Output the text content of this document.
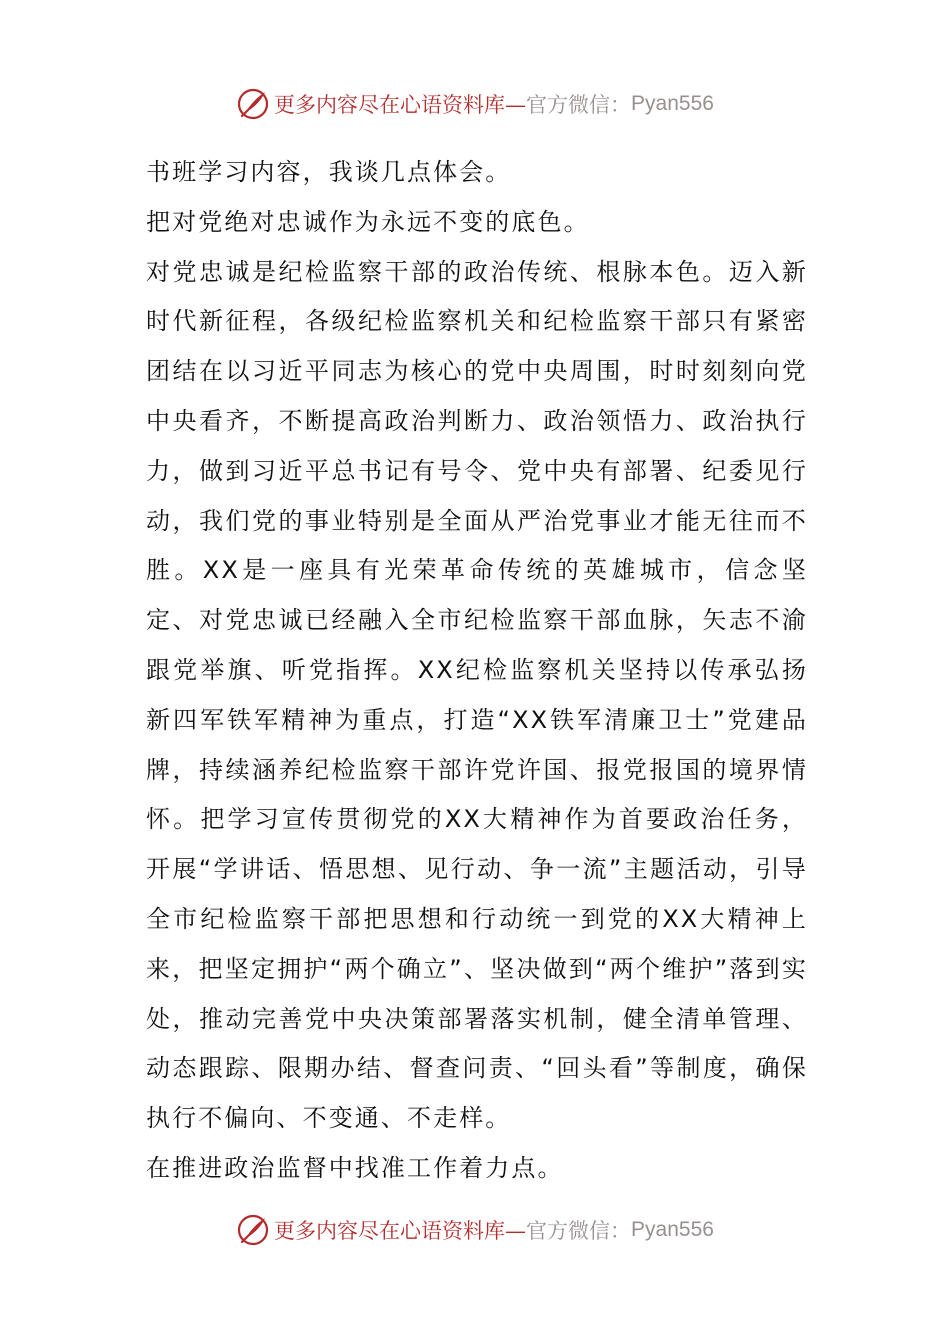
更多内容尽在心语资料库— 官方微信： Pyan556

书班学习内容，我谈几点体会。

把对党绝对忠诚作为永远不变的底色。

对党忠诚是纪检监察干部的政治传统、根脉本色。迈入新时代新征程，各级纪检监察机关和纪检监察干部只有紧密团结在以习近平同志为核心的党中央周围，时时刻刻向党中央看齐，不断提高政治判断力、政治领悟力、政治执行力，做到习近平总书记有号令、党中央有部署、纪委见行动，我们党的事业特别是全面从严治党事业才能无往而不胜。XX是一座具有光荣革命传统的英雄城市，信念坚定、对党忠诚已经融入全市纪检监察干部血脉，矢志不渝跟党举旗、听党指挥。XX纪检监察机关坚持以传承弘扬新四军铁军精神为重点，打造“XX铁军清廉卫士”党建品牌，持续涵养纪检监察干部许党许国、报党报国的境界情怀。把学习宣传贯彻党的XX大精神作为首要政治任务，开展“学讲话、悟思想、见行动、争一流”主题活动，引导全市纪检监察干部把思想和行动统一到党的XX大精神上来，把坚定拥护“两个确立”、坚决做到“两个维护”落到实处，推动完善党中央决策部署落实机制，健全清单管理、动态跟踪、限期办结、督查问责、“回头看”等制度，确保执行不偏向、不变通、不走样。

在推进政治监督中找准工作着力点。

更多内容尽在心语资料库— 官方微信： Pyan556
